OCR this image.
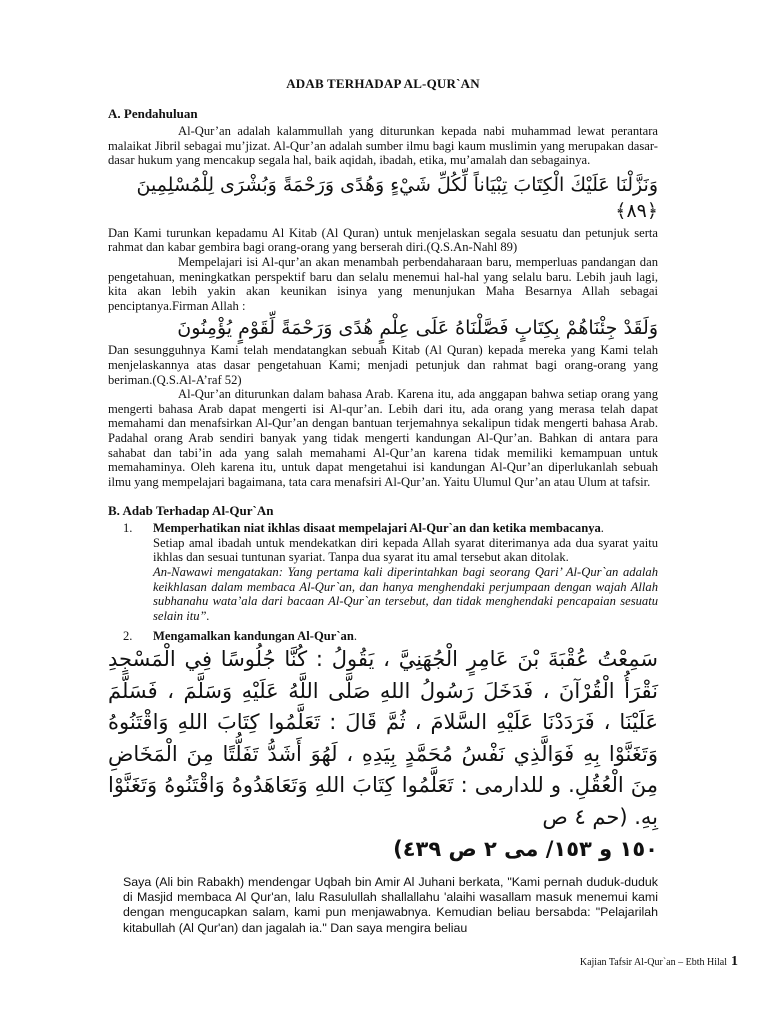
ADAB TERHADAP AL-QUR`AN
A. Pendahuluan

Al-Qur’an adalah kalammullah yang diturunkan kepada nabi muhammad lewat perantara malaikat Jibril sebagai mu’jizat. Al-Qur’an adalah sumber ilmu bagi kaum muslimin yang merupakan dasar-dasar hukum yang mencakup segala hal, baik aqidah, ibadah, etika, mu’amalah dan sebagainya.

وَنَزَّلْنَا عَلَيْكَ الْكِتَابَ تِبْيَاناً لِّكُلِّ شَيْءٍ وَهُدًى وَرَحْمَةً وَبُشْرَى لِلْمُسْلِمِينَ ﴿٨٩﴾

Dan Kami turunkan kepadamu Al Kitab (Al Quran) untuk menjelaskan segala sesuatu dan petunjuk serta rahmat dan kabar gembira bagi orang-orang yang berserah diri.(Q.S.An-Nahl 89)

Mempelajari isi Al-qur’an akan menambah perbendaharaan baru, memperluas pandangan dan pengetahuan, meningkatkan perspektif baru dan selalu menemui hal-hal yang selalu baru. Lebih jauh lagi, kita akan lebih yakin akan keunikan isinya yang menunjukan Maha Besarnya Allah sebagai penciptanya.Firman Allah :

وَلَقَدْ جِئْنَاهُمْ بِكِتَابٍ فَصَّلْنَاهُ عَلَى عِلْمٍ هُدًى وَرَحْمَةً لِّقَوْمٍ يُؤْمِنُونَ

Dan sesungguhnya Kami telah mendatangkan sebuah Kitab (Al Quran) kepada mereka yang Kami telah menjelaskannya atas dasar pengetahuan Kami; menjadi petunjuk dan rahmat bagi orang-orang yang beriman.(Q.S.Al-A’raf 52)

Al-Qur’an diturunkan dalam bahasa Arab. Karena itu, ada anggapan bahwa setiap orang yang mengerti bahasa Arab dapat mengerti isi Al-qur’an. Lebih dari itu, ada orang yang merasa telah dapat memahami dan menafsirkan Al-Qur’an dengan bantuan terjemahnya sekalipun tidak mengerti bahasa Arab. Padahal orang Arab sendiri banyak yang tidak mengerti kandungan Al-Qur’an. Bahkan di antara para sahabat dan tabi’in ada yang salah memahami Al-Qur’an karena tidak memiliki kemampuan untuk memahaminya. Oleh karena itu, untuk dapat mengetahui isi kandungan Al-Qur’an diperlukanlah sebuah ilmu yang mempelajari bagaimana, tata cara menafsiri Al-Qur’an. Yaitu Ulumul Qur’an atau Ulum at tafsir.

B. Adab Terhadap Al-Qur`An
1.	Memperhatikan niat ikhlas disaat mempelajari Al-Qur`an dan ketika membacanya.

Setiap amal ibadah untuk mendekatkan diri kepada Allah syarat diterimanya ada dua syarat yaitu ikhlas dan sesuai tuntunan syariat. Tanpa dua syarat itu amal tersebut akan ditolak.

An-Nawawi mengatakan: Yang pertama kali diperintahkan bagi seorang Qari’ Al-Qur`an adalah keikhlasan dalam membaca Al-Qur`an, dan hanya menghendaki perjumpaan dengan wajah Allah subhanahu wata’ala dari bacaan Al-Qur`an tersebut, dan tidak menghendaki pencapaian sesuatu selain itu”.

2.	Mengamalkan kandungan Al-Qur`an.

سَمِعْتُ عُقْبَةَ بْنَ عَامِرٍ الْجُهَنِيَّ ، يَقُولُ : كُنَّا جُلُوسًا فِي الْمَسْجِدِ نَقْرَأُ الْقُرْآنَ ، فَدَخَلَ رَسُولُ اللهِ صَلَّى اللَّهُ عَلَيْهِ وَسَلَّمَ ، فَسَلَّمَ عَلَيْنَا ، فَرَدَدْنَا عَلَيْهِ السَّلامَ ، ثُمَّ قَالَ : تَعَلَّمُوا كِتَابَ اللهِ وَاقْتَنُوهُ وَتَغَنَّوْا بِهِ فَوَالَّذِي نَفْسُ مُحَمَّدٍ بِيَدِهِ ، لَهُوَ أَشَدُّ تَفَلُّتًا مِنَ الْمَخَاضِ مِنَ الْعُقُلِ. و للدارمى : تَعَلَّمُوا كِتَابَ اللهِ وَتَعَاهَدُوهُ وَاقْتَنُوهُ وَتَغَنَّوْا بِهِ. (حم ٤ ص

١٥٠ و ١٥٣/ مى ٢ ص ٤٣٩)

Saya (Ali bin Rabakh) mendengar Uqbah bin Amir Al Juhani berkata, "Kami pernah duduk-duduk di Masjid membaca Al Qur'an, lalu Rasulullah shallallahu 'alaihi wasallam masuk menemui kami dengan mengucapkan salam, kami pun menjawabnya. Kemudian beliau bersabda: "Pelajarilah kitabullah (Al Qur'an) dan jagalah ia." Dan saya mengira beliau

Kajian Tafsir Al-Qur`an – Ebth Hilal 1
